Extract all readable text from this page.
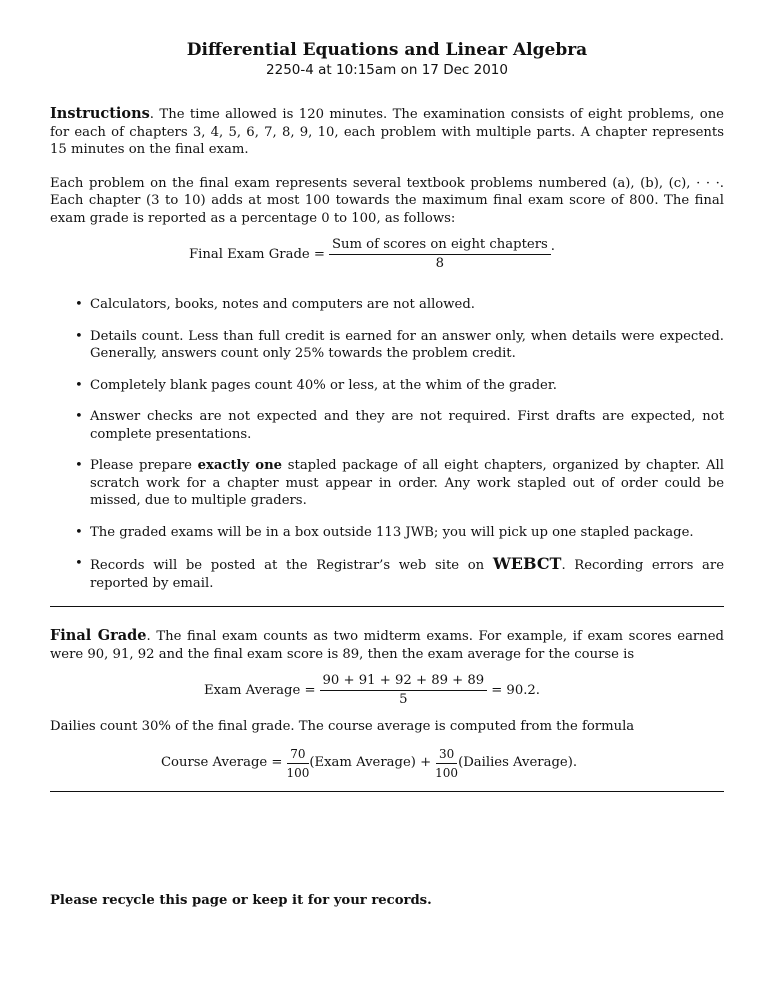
Differential Equations and Linear Algebra
2250-4 at 10:15am on 17 Dec 2010

Instructions. The time allowed is 120 minutes. The examination consists of eight problems, one for each of chapters 3, 4, 5, 6, 7, 8, 9, 10, each problem with multiple parts. A chapter represents 15 minutes on the final exam.

Each problem on the final exam represents several textbook problems numbered (a), (b), (c), · · ·. Each chapter (3 to 10) adds at most 100 towards the maximum final exam score of 800. The final exam grade is reported as a percentage 0 to 100, as follows:

Final Exam Grade = $\frac{\text{Sum of scores on eight chapters}}{8}$ .
• Calculators, books, notes and computers are not allowed.
• Details count. Less than full credit is earned for an answer only, when details were expected. Generally, answers count only 25% towards the problem credit.
• Completely blank pages count 40% or less, at the whim of the grader.
• Answer checks are not expected and they are not required. First drafts are expected, not complete presentations.
• Please prepare exactly one stapled package of all eight chapters, organized by chapter. All scratch work for a chapter must appear in order. Any work stapled out of order could be missed, due to multiple graders.
• The graded exams will be in a box outside 113 JWB; you will pick up one stapled package.
• Records will be posted at the Registrar’s web site on WEBCT. Recording errors are reported by email.

Final Grade. The final exam counts as two midterm exams. For example, if exam scores earned were 90, 91, 92 and the final exam score is 89, then the exam average for the course is

Exam Average = $\frac{90 + 91 + 92 + 89 + 89}{5} = 90.2$.

Dailies count 30% of the final grade. The course average is computed from the formula

Course Average = $\frac{70}{100}$ (Exam Average) + $\frac{30}{100}$ (Dailies Average).

Please recycle this page or keep it for your records.
